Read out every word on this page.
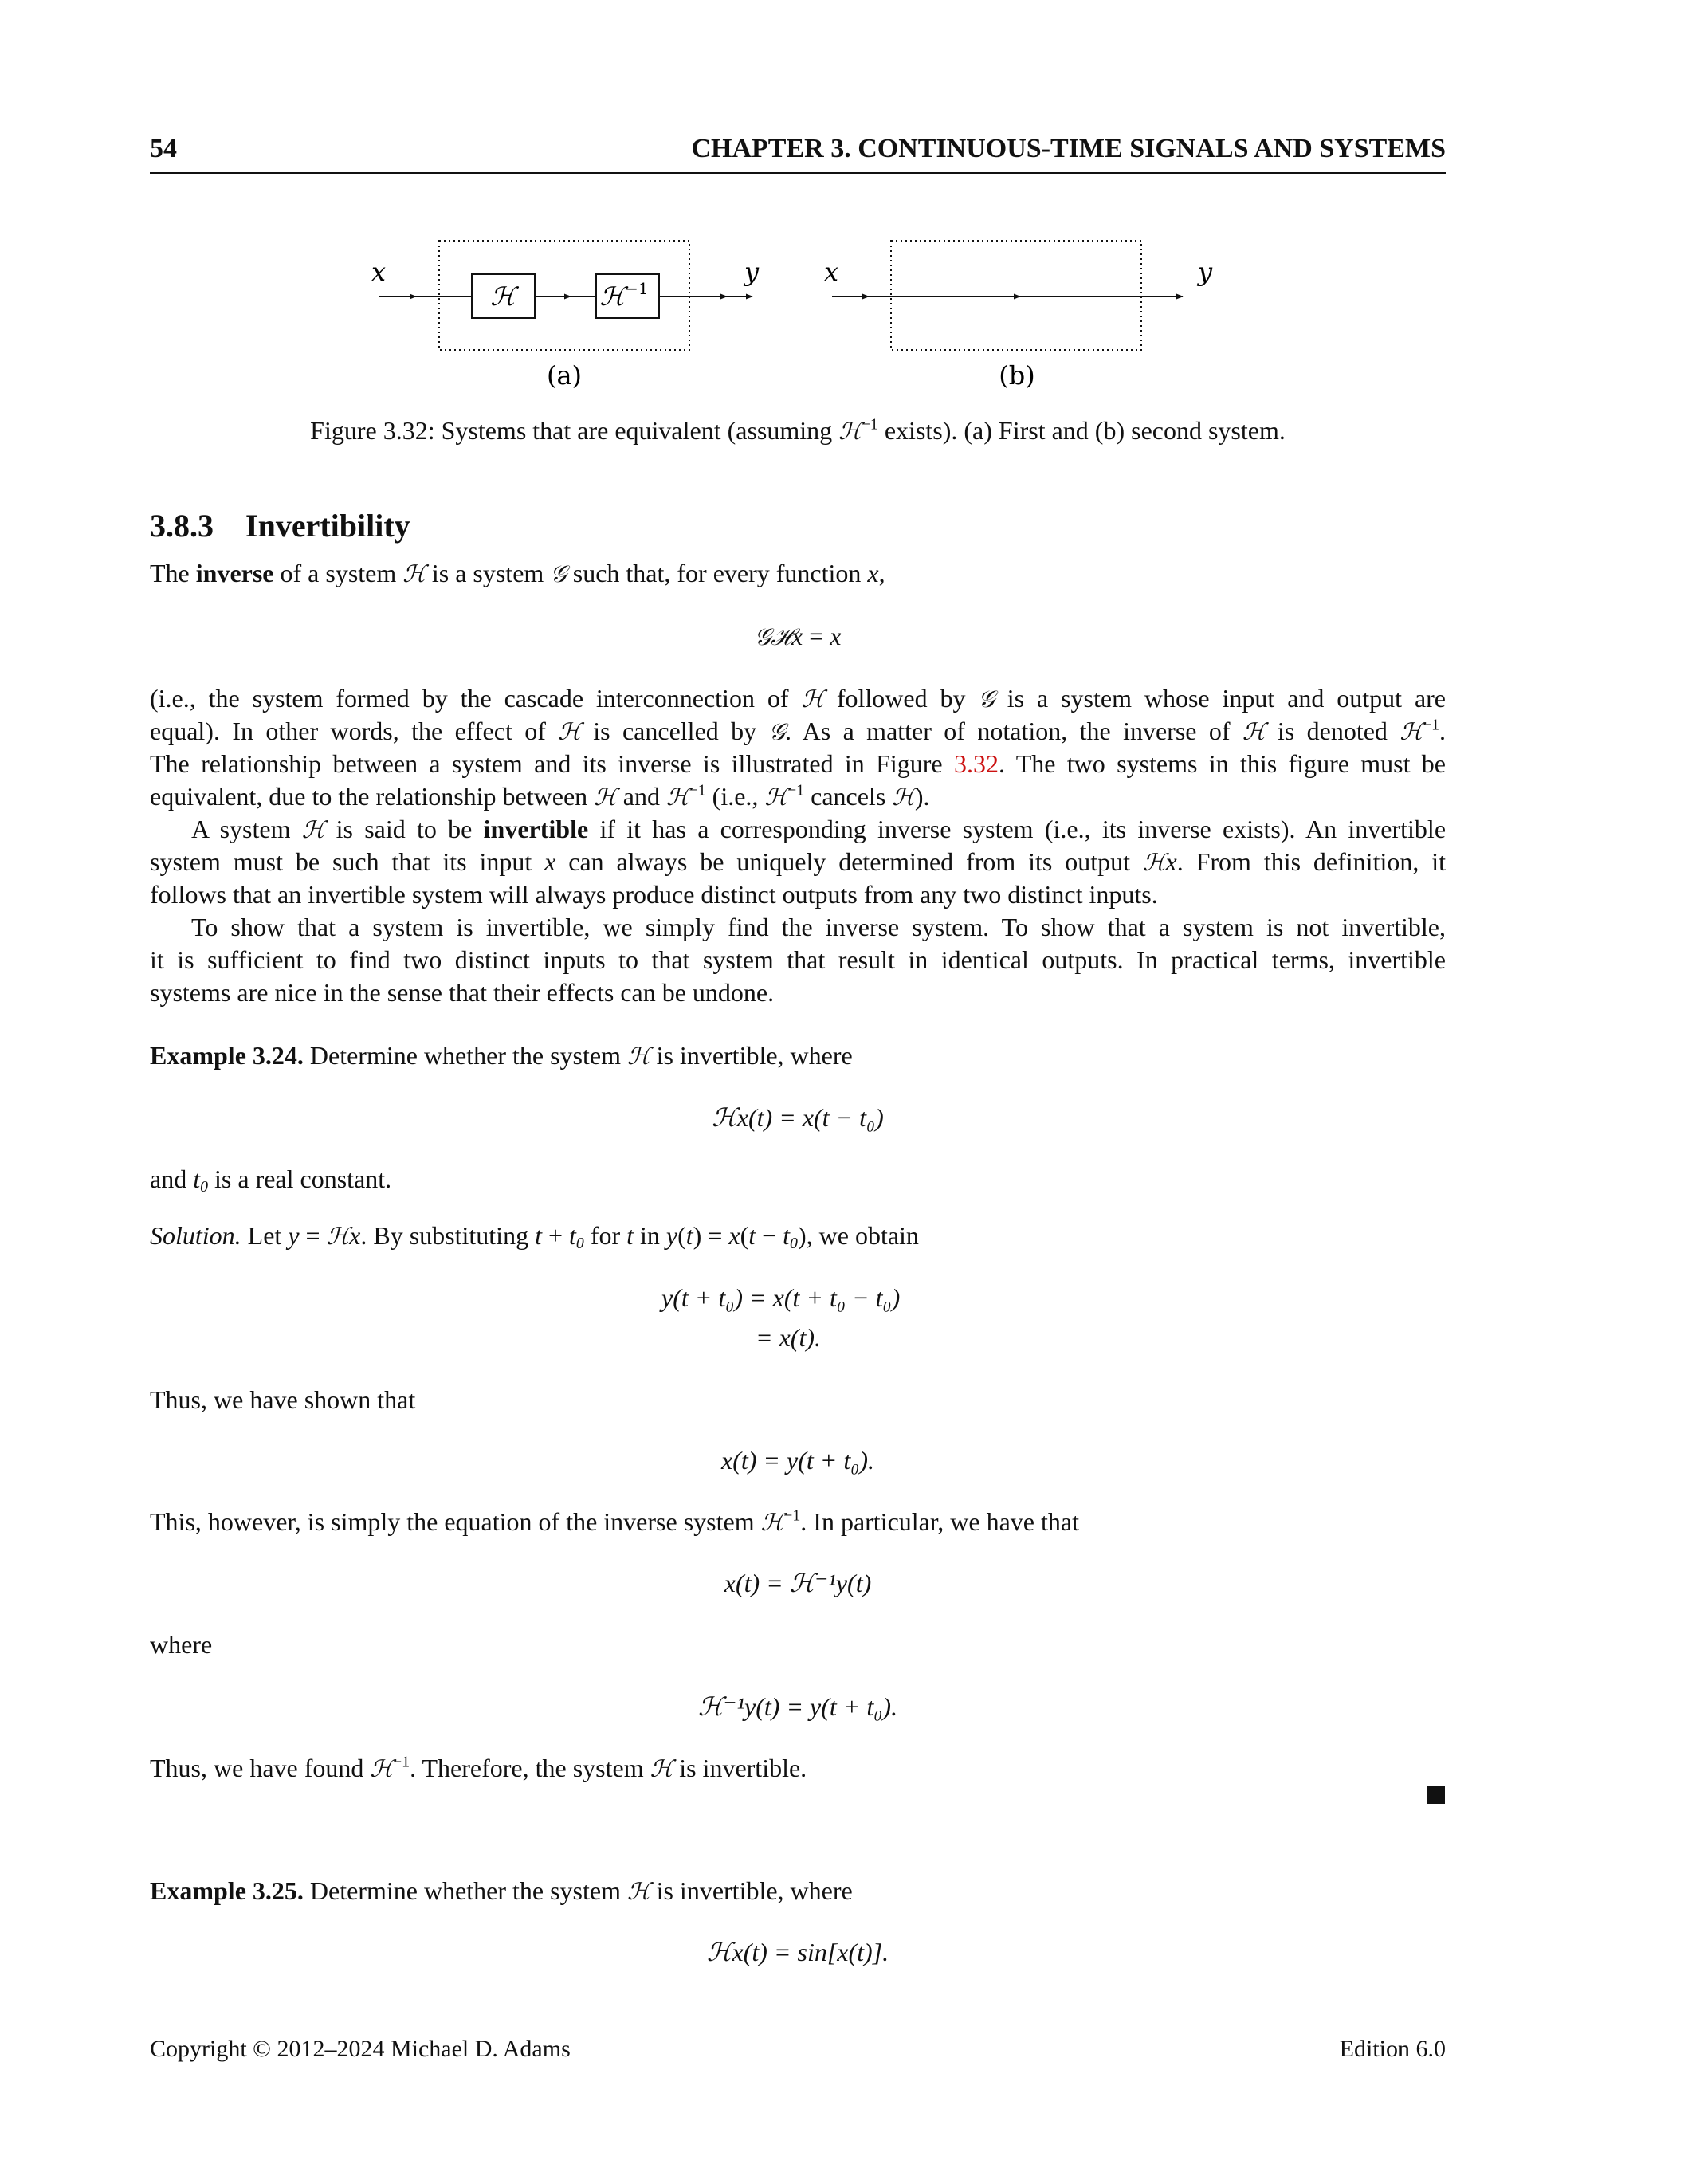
54	CHAPTER 3. CONTINUOUS-TIME SIGNALS AND SYSTEMS
x
ℋ	ℋ$^{-1}$
y
(a)
x	y
(b)
Figure 3.32: Systems that are equivalent (assuming ℋ$^{-1}$ exists). (a) First and (b) second system.
3.8.3 Invertibility
The inverse of a system ℋ is a system 𝒢 such that, for every function x,
𝒢ℋx = x
(i.e., the system formed by the cascade interconnection of ℋ followed by 𝒢 is a system whose input and output are
equal). In other words, the effect of ℋ is cancelled by 𝒢. As a matter of notation, the inverse of ℋ is denoted ℋ$^{-1}$.
The relationship between a system and its inverse is illustrated in Figure 3.32. The two systems in this figure must be
equivalent, due to the relationship between ℋ and ℋ$^{-1}$ (i.e., ℋ$^{-1}$ cancels ℋ).
A system ℋ is said to be invertible if it has a corresponding inverse system (i.e., its inverse exists). An invertible
system must be such that its input x can always be uniquely determined from its output ℋx. From this definition, it
follows that an invertible system will always produce distinct outputs from any two distinct inputs.
To show that a system is invertible, we simply find the inverse system. To show that a system is not invertible,
it is sufficient to find two distinct inputs to that system that result in identical outputs. In practical terms, invertible
systems are nice in the sense that their effects can be undone.
Example 3.24. Determine whether the system ℋ is invertible, where
ℋx(t) = x(t − t₀)
and $t_0$ is a real constant.
Solution. Let y = ℋx. By substituting $t + t_0$ for t in $y(t) = x(t - t_0)$, we obtain
y(t + t₀) = x(t + t₀ − t₀)
= x(t).
Thus, we have shown that
x(t) = y(t + t₀).
This, however, is simply the equation of the inverse system ℋ$^{-1}$. In particular, we have that
x(t) = ℋ⁻¹y(t)
where
ℋ⁻¹y(t) = y(t + t₀).
Thus, we have found ℋ$^{-1}$. Therefore, the system ℋ is invertible.
Example 3.25. Determine whether the system ℋ is invertible, where
ℋx(t) = sin[x(t)].
Copyright © 2012–2024 Michael D. Adams	Edition 6.0
